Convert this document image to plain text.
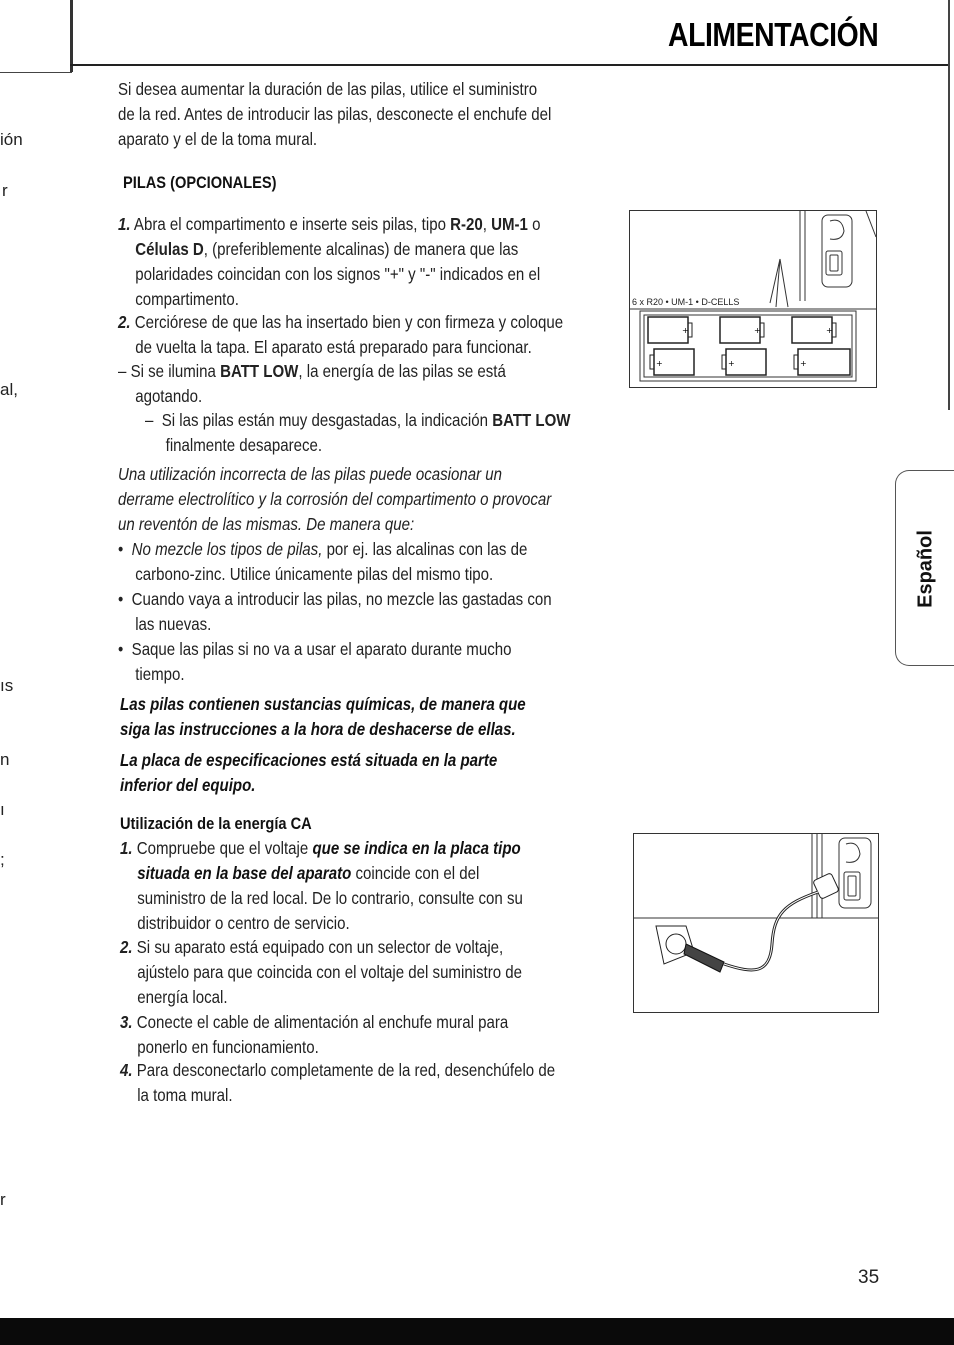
ALIMENTACIÓN
ión
r
al,
ıs
n
ı
;
r
Si desea aumentar la duración de las pilas, utilice el suministro
de la red. Antes de introducir las pilas, desconecte el enchufe del
aparato y el de la toma mural.
PILAS (OPCIONALES)
1. Abra el compartimento e inserte seis pilas, tipo R-20, UM-1 o
Células D, (preferiblemente alcalinas) de manera que las
polaridades coincidan con los signos "+" y "-" indicados en el
compartimento.
2. Cerciórese de que las ha insertado bien y con firmeza y coloque
de vuelta la tapa. El aparato está preparado para funcionar.
– Si se ilumina BATT LOW, la energía de las pilas se está
agotando.
– Si las pilas están muy desgastadas, la indicación BATT LOW
finalmente desaparece.
Una utilización incorrecta de las pilas puede ocasionar un
derrame electrolítico y la corrosión del compartimento o provocar
un reventón de las mismas. De manera que:
• No mezcle los tipos de pilas, por ej. las alcalinas con las de
carbono-zinc. Utilice únicamente pilas del mismo tipo.
• Cuando vaya a introducir las pilas, no mezcle las gastadas con
las nuevas.
• Saque las pilas si no va a usar el aparato durante mucho
tiempo.
Las pilas contienen sustancias químicas, de manera que
siga las instrucciones a la hora de deshacerse de ellas.
La placa de especificaciones está situada en la parte
inferior del equipo.
Utilización de la energía CA
1. Compruebe que el voltaje que se indica en la placa tipo
situada en la base del aparato coincide con el del
suministro de la red local. De lo contrario, consulte con su
distribuidor o centro de servicio.
2. Si su aparato está equipado con un selector de voltaje,
ajústelo para que coincida con el voltaje del suministro de
energía local.
3. Conecte el cable de alimentación al enchufe mural para
ponerlo en funcionamiento.
4. Para desconectarlo completamente de la red, desenchúfelo de
la toma mural.
+	+	+
+	+	+
6 x R20 • UM-1 • D-CELLS
Español
35
